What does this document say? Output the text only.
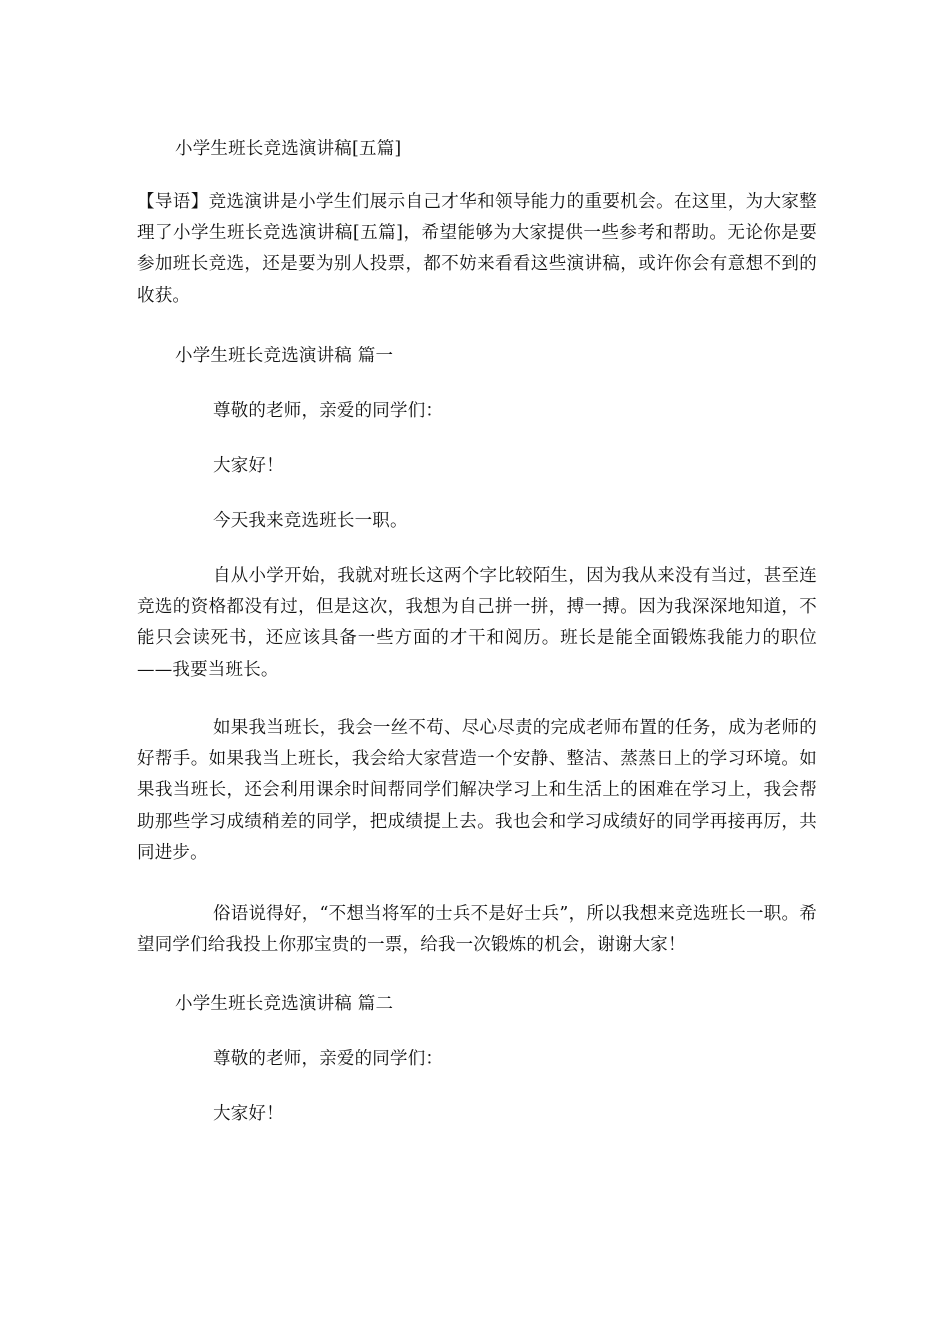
小学生班长竞选演讲稿[五篇]

【导语】竞选演讲是小学生们展示自己才华和领导能力的重要机会。在这里，为大家整理了小学生班长竞选演讲稿[五篇]，希望能够为大家提供一些参考和帮助。无论你是要参加班长竞选，还是要为别人投票，都不妨来看看这些演讲稿，或许你会有意想不到的收获。

小学生班长竞选演讲稿 篇一

尊敬的老师，亲爱的同学们：

大家好！

今天我来竞选班长一职。

自从小学开始，我就对班长这两个字比较陌生，因为我从来没有当过，甚至连竞选的资格都没有过，但是这次，我想为自己拼一拼，搏一搏。因为我深深地知道，不能只会读死书，还应该具备一些方面的才干和阅历。班长是能全面锻炼我能力的职位——我要当班长。

如果我当班长，我会一丝不苟、尽心尽责的完成老师布置的任务，成为老师的好帮手。如果我当上班长，我会给大家营造一个安静、整洁、蒸蒸日上的学习环境。如果我当班长，还会利用课余时间帮同学们解决学习上和生活上的困难在学习上，我会帮助那些学习成绩稍差的同学，把成绩提上去。我也会和学习成绩好的同学再接再厉，共同进步。

俗语说得好，“不想当将军的士兵不是好士兵”，所以我想来竞选班长一职。希望同学们给我投上你那宝贵的一票，给我一次锻炼的机会，谢谢大家！

小学生班长竞选演讲稿 篇二

尊敬的老师，亲爱的同学们：

大家好！
